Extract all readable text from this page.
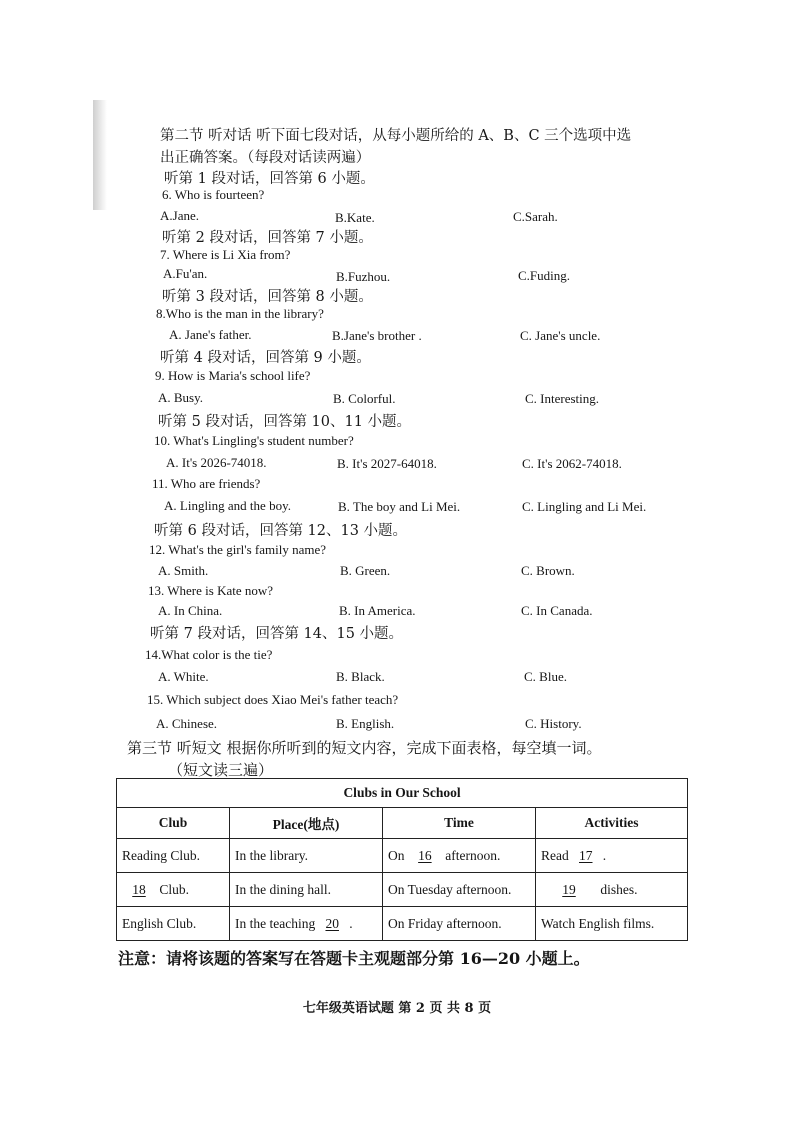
第二节 听对话 听下面七段对话，从每小题所给的 A、B、C 三个选项中选
出正确答案。（每段对话读两遍）
听第 1 段对话，回答第 6 小题。
6. Who is fourteen?
A.Jane.	B.Kate.	C.Sarah.
听第 2 段对话，回答第 7 小题。
7. Where is Li Xia from?
A.Fu'an.	B.Fuzhou.	C.Fuding.
听第 3 段对话，回答第 8 小题。
8.Who is the man in the library?
A. Jane's father.	B.Jane's brother .	C. Jane's uncle.
听第 4 段对话，回答第 9 小题。
9. How is Maria's school life?
A. Busy.	B. Colorful.	C. Interesting.
听第 5 段对话，回答第 10、11 小题。
10. What's Lingling's student number?
A. It's 2026-74018.	B. It's 2027-64018.	C. It's 2062-74018.
11. Who are friends?
A. Lingling and the boy.	B. The boy and Li Mei.	C. Lingling and Li Mei.
听第 6 段对话，回答第 12、13 小题。
12. What's the girl's family name?
A. Smith.	B. Green.	C. Brown.
13. Where is Kate now?
A. In China.	B. In America.	C. In Canada.
听第 7 段对话，回答第 14、15 小题。
14.What color is the tie?
A. White.	B. Black.	C. Blue.
15. Which subject does Xiao Mei's father teach?
A. Chinese.	B. English.	C. History.
第三节 听短文 根据你所听到的短文内容，完成下面表格，每空填一词。
（短文读三遍）
Clubs in Our School			
Club	Place(地点)	Time	Activities
Reading Club.	In the library.	On 16 afternoon.	Read 17 .
18 Club.	In the dining hall.	On Tuesday afternoon.	19 dishes.
English Club.	In the teaching 20 .	On Friday afternoon.	Watch English films.
注意：请将该题的答案写在答题卡主观题部分第 16—20 小题上。
七年级英语试题 第 2 页 共 8 页
